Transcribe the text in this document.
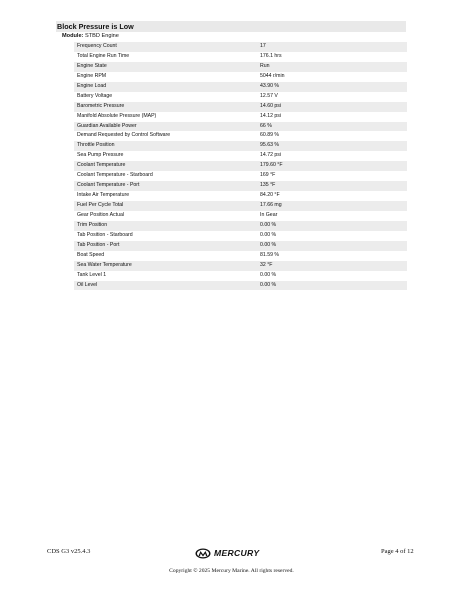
Block Pressure is Low
Module: STBD Engine
Frequency Count	17
Total Engine Run Time	176.1 hrs
Engine State	Run
Engine RPM	5044 r/min
Engine Load	43.90 %
Battery Voltage	12.57 V
Barometric Pressure	14.60 psi
Manifold Absolute Pressure (MAP)	14.12 psi
Guardian Available Power	66 %
Demand Requested by Control Software	60.89 %
Throttle Position	95.63 %
Sea Pump Pressure	14.72 psi
Coolant Temperature	179.60 °F
Coolant Temperature - Starboard	169 °F
Coolant Temperature - Port	135 °F
Intake Air Temperature	84.20 °F
Fuel Per Cycle Total	17.66 mg
Gear Position Actual	In Gear
Trim Position	0.00 %
Tab Position - Starboard	0.00 %
Tab Position - Port	0.00 %
Boat Speed	81.59 %
Sea Water Temperature	32 °F
Tank Level 1	0.00 %
Oil Level	0.00 %
CDS G3 v25.4.3	MERCURY	Page 4 of 12
Copyright © 2025 Mercury Marine. All rights reserved.
